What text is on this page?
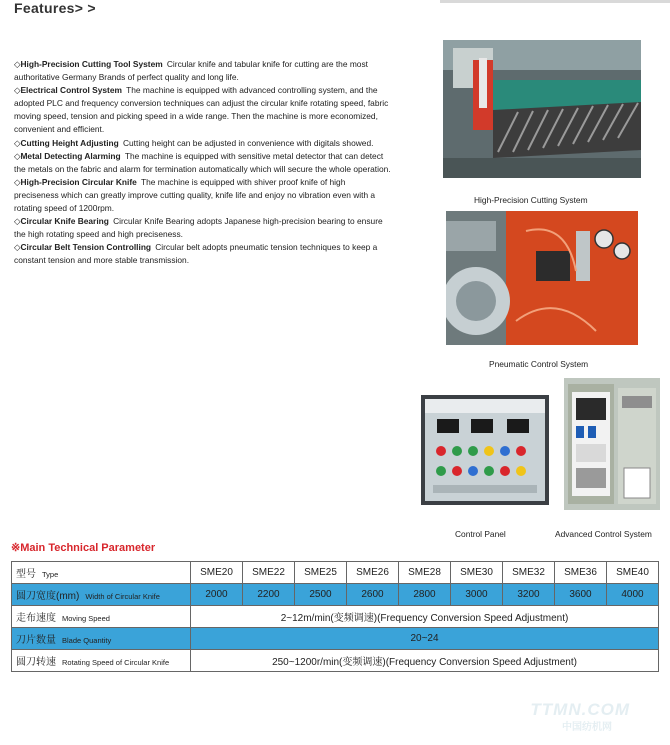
Features> >

◇High-Precision Cutting Tool System  Circular knife and tabular knife for cutting are the most authoritative Germany Brands of perfect quality and long life.

◇Electrical Control System  The machine is equipped with advanced controlling system, and the adopted PLC and frequency conversion techniques can adjust the circular knife rotating speed, fabric moving speed, tension and picking speed in a wide range. Then the machine is more economized, convenient and efficient.

◇Cutting Height Adjusting  Cutting height can be adjusted in convenience with digitals showed.

◇Metal Detecting Alarming  The machine is equipped with sensitive metal detector that can detect the metals on the fabric and alarm for termination automatically which will secure the whole operation.

◇High-Precision Circular Knife  The machine is equipped with shiver proof knife of high preciseness which can greatly improve cutting quality, knife life and enjoy no vibration even with a rotating speed of 1200rpm.

◇Circular Knife Bearing  Circular Knife Bearing adopts Japanese high-precision bearing to ensure the high rotating speed and high preciseness.

◇Circular Belt Tension Controlling  Circular belt adopts pneumatic tension techniques to keep a constant tension and more stable transmission.

High-Precision Cutting System
Pneumatic Control System
Control Panel	Advanced Control System
※Main Technical Parameter
型号 Type	SME20	SME22	SME25	SME26	SME28	SME30	SME32	SME36	SME40
圆刀宽度(mm) Width of Circular Knife	2000	2200	2500	2600	2800	3000	3200	3600	4000
走布速度 Moving Speed	2~12m/min(变频调速)(Frequency Conversion Speed Adjustment)								
刀片数量 Blade Quantity	20~24								
圆刀转速 Rotating Speed of Circular Knife	250~1200r/min(变频调速)(Frequency Conversion Speed Adjustment)								
TTMN.COM
中国纺机网
